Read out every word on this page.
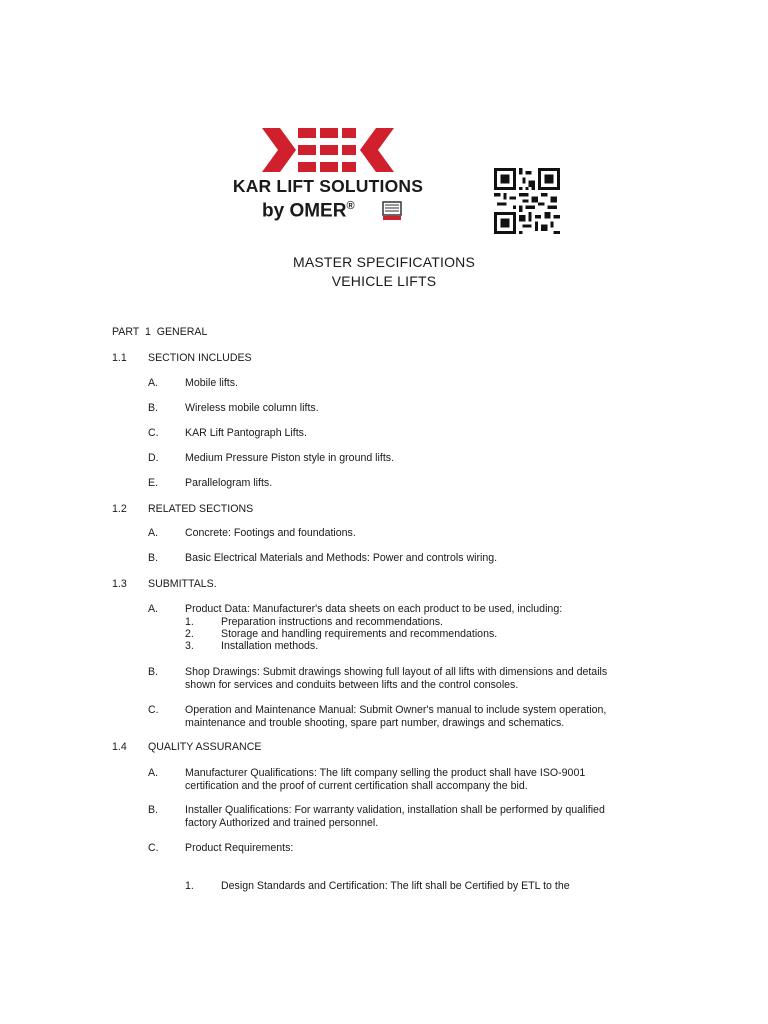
KAR LIFT SOLUTIONS
by OMER®
MASTER SPECIFICATIONS
VEHICLE LIFTS
PART  1  GENERAL
1.1 SECTION INCLUDES
A.	Mobile lifts.
B.	Wireless mobile column lifts.
C. KAR Lift Pantograph Lifts.
D. Medium Pressure Piston style in ground lifts.
E.	Parallelogram lifts.
1.2 RELATED SECTIONS
A.	Concrete: Footings and foundations.
B.	Basic Electrical Materials and Methods: Power and controls wiring.
1.3 SUBMITTALS.
A.	Product Data: Manufacturer's data sheets on each product to be used, including:
1.	Preparation instructions and recommendations.
2.	Storage and handling requirements and recommendations.
3.	Installation methods.
B.	Shop Drawings: Submit drawings showing full layout of all lifts with dimensions and details
shown for services and conduits between lifts and the control consoles.
C. Operation and Maintenance Manual: Submit Owner's manual to include system operation,
maintenance and trouble shooting, spare part number, drawings and schematics.
1.4 QUALITY ASSURANCE
A.	Manufacturer Qualifications: The lift company selling the product shall have ISO-9001
certification and the proof of current certification shall accompany the bid.
B.	Installer Qualifications: For warranty validation, installation shall be performed by qualified
factory Authorized and trained personnel.
C. Product Requirements:
1.	Design Standards and Certification: The lift shall be Certified by ETL to the
